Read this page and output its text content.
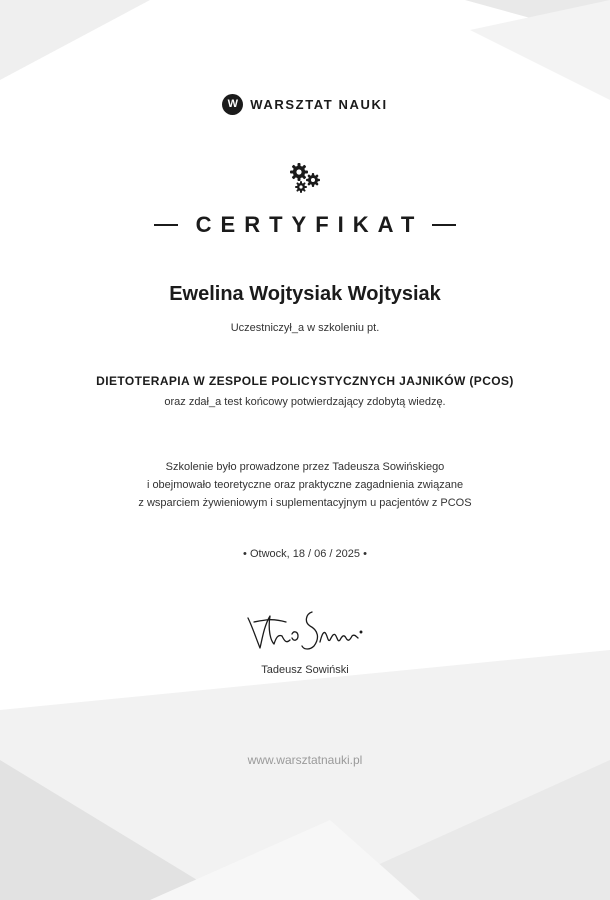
W WARSZTAT NAUKI
CERTYFIKAT
Ewelina Wojtysiak Wojtysiak
Uczestniczył_a w szkoleniu pt.
DIETOTERAPIA W ZESPOLE POLICYSTYCZNYCH JAJNIKÓW (PCOS)
oraz zdał_a test końcowy potwierdzający zdobytą wiedzę.
Szkolenie było prowadzone przez Tadeusza Sowińskiego
i obejmowało teoretyczne oraz praktyczne zagadnienia związane
z wsparciem żywieniowym i suplementacyjnym u pacjentów z PCOS
• Otwock, 18 / 06 / 2025 •
Tadeusz Sowiński
www.warsztatnauki.pl
